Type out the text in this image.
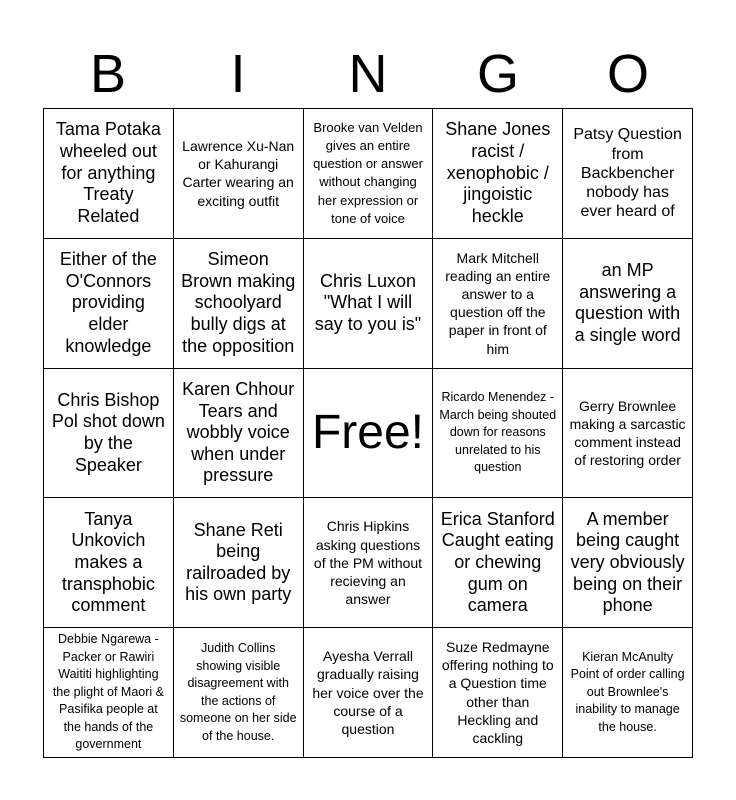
B	I	N	G	O
Tama Potaka wheeled out for anything Treaty Related
Lawrence Xu-Nan or Kahurangi Carter wearing an exciting outfit
Brooke van Velden gives an entire question or answer without changing her expression or tone of voice
Shane Jones racist / xenophobic / jingoistic heckle
Patsy Question from Backbencher nobody has ever heard of
Either of the O'Connors providing elder knowledge
Simeon Brown making schoolyard bully digs at the opposition
Chris Luxon "What I will say to you is"
Mark Mitchell reading an entire answer to a question off the paper in front of him
an MP answering a question with a single word
Chris Bishop Pol shot down by the Speaker
Karen Chhour Tears and wobbly voice when under pressure
Free!
Ricardo Menendez - March being shouted down for reasons unrelated to his question
Gerry Brownlee making a sarcastic comment instead of restoring order
Tanya Unkovich makes a transphobic comment
Shane Reti being railroaded by his own party
Chris Hipkins asking questions of the PM without recieving an answer
Erica Stanford Caught eating or chewing gum on camera
A member being caught very obviously being on their phone
Debbie Ngarewa - Packer or Rawiri Waititi highlighting the plight of Maori & Pasifika people at the hands of the government
Judith Collins showing visible disagreement with the actions of someone on her side of the house.
Ayesha Verrall gradually raising her voice over the course of a question
Suze Redmayne offering nothing to a Question time other than Heckling and cackling
Kieran McAnulty Point of order calling out Brownlee's inability to manage the house.
